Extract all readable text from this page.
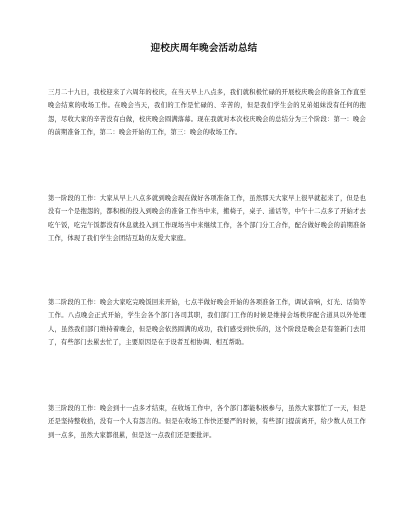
迎校庆周年晚会活动总结
三月二十九日，我校迎来了六周年的校庆，在当天早上八点多，我们就积极忙碌的开展校庆晚会的准备工作直至晚会结束的收场工作。在晚会当天，我们的工作是忙碌的、辛苦的，但是我们学生会的兄弟姐妹没有任何的抱怨，尽收大家的辛苦没有白做，校庆晚会圆满落幕。现在我就对本次校庆晚会的总结分为三个阶段：第一：晚会的前期准备工作，第二：晚会开始的工作，第三：晚会的收场工作。
第一阶段的工作：大家从早上八点多就到晚会现在做好各项准备工作，虽然那天大家早上很早就起来了，但是也没有一个是抱怨的，都积极的投入到晚会的准备工作当中来，搬椅子，桌子、通话等，中午十二点多了开始才去吃午饭，吃完午饭都没有休息就投入到工作现场当中来继续工作，各个部门分工合作，配合做好晚会的前期准备工作，体现了我们学生会团结互助的友爱大家庭。
第二阶段的工作：晚会大家吃完晚饭回来开始，七点半做好晚会开始的各项准备工作，调试音响，灯光、话筒等工作。八点晚会正式开始，学生会各个部门各司其职，我们部门工作的时候是维持会场秩序配合道具以外处理人，虽然我们部门维持着晚会，但是晚会依然圆满的成功，我们感受到快乐的，这个阶段是晚会是有签新门去用了，有些部门去累去忙了，主要原因是在于设者互相协调、相互帮助。
第三阶段的工作：晚会到十一点多才结束，在收场工作中，各个部门都能积极参与，虽然大家都忙了一天，但是还是坚持整收拾，没有一个人有怨言的。但是在收场工作快还要严的时候，有些部门提前离开，给少数人员工作到一点多，虽然大家都很累，但是这一点我们还是要批评。
